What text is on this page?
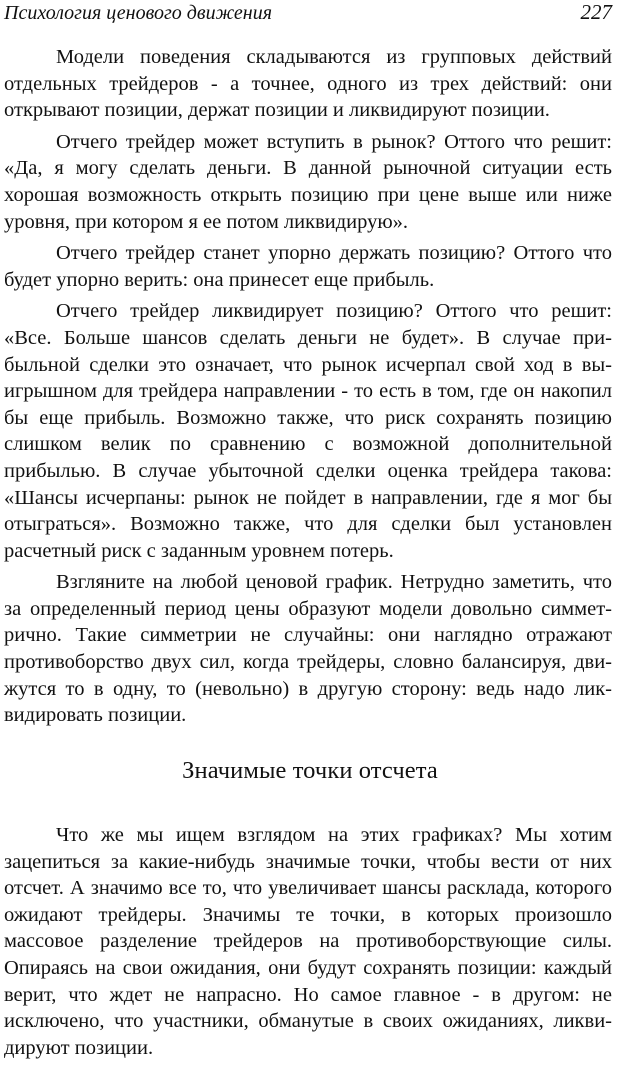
Психология ценового движения	227

Модели поведения складываются из групповых действий отдельных трейдеров - а точнее, одного из трех действий: они открывают позиции, держат позиции и ликвидируют позиции.

Отчего трейдер может вступить в рынок? Оттого что решит: «Да, я могу сделать деньги. В данной рыночной ситуации есть хорошая возможность открыть позицию при цене выше или ниже уровня, при котором я ее потом ликвидирую».

Отчего трейдер станет упорно держать позицию? Оттого что будет упорно верить: она принесет еще прибыль.

Отчего трейдер ликвидирует позицию? Оттого что решит: «Все. Больше шансов сделать деньги не будет». В случае прибыльной сделки это означает, что рынок исчерпал свой ход в выигрышном для трейдера направлении - то есть в том, где он накопил бы еще прибыль. Возможно также, что риск сохранять позицию слишком велик по сравнению с возможной дополнительной прибылью. В случае убыточной сделки оценка трейдера такова: «Шансы исчерпаны: рынок не пойдет в направлении, где я мог бы отыграться». Возможно также, что для сделки был установлен расчетный риск с заданным уровнем потерь.

Взгляните на любой ценовой график. Нетрудно заметить, что за определенный период цены образуют модели довольно симметрично. Такие симметрии не случайны: они наглядно отражают противоборство двух сил, когда трейдеры, словно балансируя, движутся то в одну, то (невольно) в другую сторону: ведь надо ликвидировать позиции.

Значимые точки отсчета

Что же мы ищем взглядом на этих графиках? Мы хотим зацепиться за какие-нибудь значимые точки, чтобы вести от них отсчет. А значимо все то, что увеличивает шансы расклада, которого ожидают трейдеры. Значимы те точки, в которых произошло массовое разделение трейдеров на противоборствующие силы. Опираясь на свои ожидания, они будут сохранять позиции: каждый верит, что ждет не напрасно. Но самое главное - в другом: не исключено, что участники, обманутые в своих ожиданиях, ликвидируют позиции.
